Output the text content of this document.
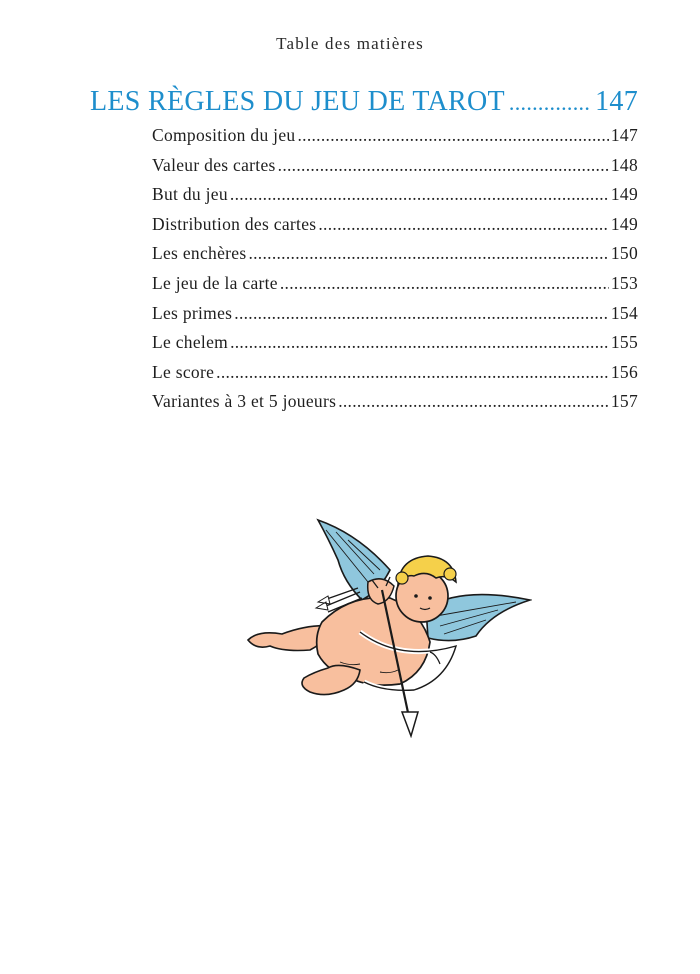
Table des matières
LES RÈGLES DU JEU DE TAROT .....	147
Composition du jeu .....	147
Valeur des cartes .....	148
But du jeu .....	149
Distribution des cartes .....	149
Les enchères .....	150
Le jeu de la carte .....	153
Les primes .....	154
Le chelem .....	155
Le score .....	156
Variantes à 3 et 5 joueurs .....	157
